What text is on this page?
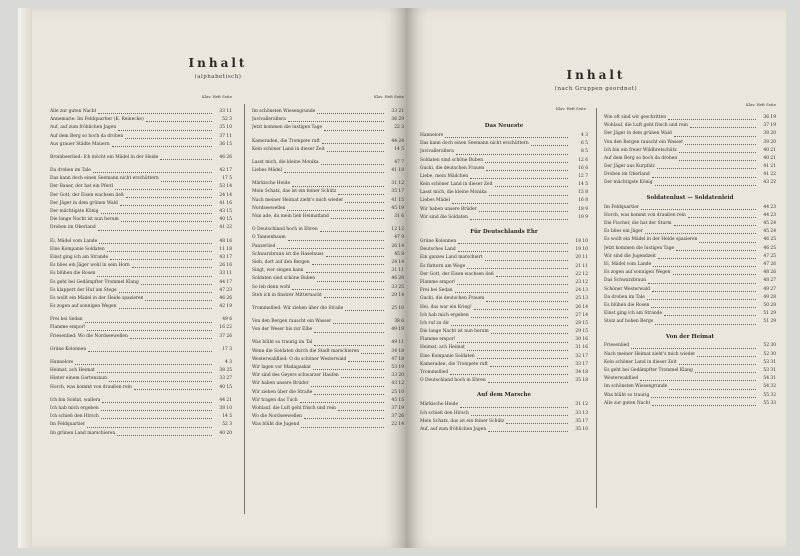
Inhalt
(alphabetisch)
Klav. Heft Seite	Klav. Heft Seite
Alle zur guten Nacht	33 11
Annemarie: Im Feldquartier (K. Reinecke)	52 3
Auf, auf zum fröhlichen Jagen	35 10
Auf dem Berg so hoch da droben	37 11
Aus grauer Städte Mauern	36 15
Brombeerlied: Ich möcht ein Mädel in der Heide	46 26
Da droben im Tale	42 17
Das kann doch einen Seemann nicht erschüttern	17 5
Der Bauer, der hat ein Pferd	53 14
Der Gott, der Eisen wachsen ließ	24 14
Der Jäger in dem grünen Wald	41 16
Der mächtigste König	43 15
Die lange Nacht ist nun herum	40 15
Droben im Oberland	41 22
Ei, Mädel vom Lande	48 16
Eine Kompanie Soldaten	11 18
Einst ging ich am Strande	43 17
Es blies ein Jäger wohl in sein Horn	26 16
Es blühen die Rosen	33 11
Es geht bei Gedämpfter Trommel Klang	44 17
Es klappert der Huf am Stege	47 23
Es wollt ein Mädel in der Heide spazieren	46 26
Es zogen auf sonnigen Wegen	42 19
Frei bei Sedan	49 6
Flamme empor!	16 22
Friesenlied: Wo die Nordseewellen	37 26
Grüne Kolonnen	17 3
Hannelore	4 3
Heimat, ach Heimat	38 25
Hinter einem Gartenzaun	33 27
Horch, was kommt von draußen rein	40 15
Ich bin Soldat, wallera	44 21
Ich hab mich ergeben	38 10
Ich schieß den Hirsch	14 5
Im Feldquartier	52 3
Im grünen Land marschieren	40 20
Im schönsten Wiesengrunde	33 21
Juvivallerallera	36 29
Jetzt kommen die lustigen Tage	22 3
Kameraden, die Trompete ruft	44 24
Kein schöner Land in dieser Zeit	14 5
Lasst mich, die kleine Monika	47 7
Liebes Mädel	41 18
Märkische Heide	31 12
Mein Schatz, das ist ein feiner Schütz	35 17
Nach meiner Heimat zieht's mich wieder	41 15
Nordseewellen	45 19
Nun ade, du mein lieb Heimatland	31 6
O Deutschland hoch in Ehren	12 12
O Tannenbaum	47 9
Panzerlied	26 14
Schwarzbraun ist die Haselnuss	45 8
Sieh, dort auf den Bergen	24 14
Singt, wer singen kann	31 11
Soldaten sind schöne Buben	46 28
So leb denn wohl	33 25
Steh ich in finstrer Mitternacht	29 14
Trommellied: Wir ziehen über die Straße	25 10
Von den Bergen rauscht ein Wasser	38 6
Von der Weser bis zur Elbe	49 19
Was blüht so traurig im Tal	49 11
Wenn die Soldaten durch die Stadt marschieren	34 18
Westerwaldlied: O du schöner Westerwald	47 18
Wir lagen vor Madagaskar	53 19
Wir sind des Geyers schwarzer Haufen	33 20
Wir haben unsere Brüder	43 12
Wir ziehen über die Straße	25 10
Wir tragen das Tuch	45 15
Wohlauf, die Luft geht frisch und rein	37 19
Wo die Nordseewellen	37 26
Was blüht die Jugend	22 14
Inhalt
(nach Gruppen geordnet)
Klav. Heft Seite
Klav. Heft Seite
Das Neueste
Hannelore	4 3
Das kann doch einen Seemann nicht erschüttern	6 5
Juvivallerallera	8 5
Soldaten sind schöne Buben	12 6
Gucki, die deutschen Frauen	16 6
Liebe, mein Mädchen	12 7
Kein schöner Land in dieser Zeit	14 5
Lasst mich, die kleine Monika	15 8
Liebes Mädel	16 8
Wir haben unsere Brüder	18 9
Wir sind die Soldaten	19 9
Für Deutschlands Ehr
Grüne Kolonnen	18 10
Deutsches Land	19 10
Ein ganzes Land marschiert	20 11
Es flattern am Wege	21 11
Der Gott, der Eisen wachsen ließ	22 12
Flamme empor!	23 12
Frei bei Sedan	24 13
Gucki, die deutschen Frauen	25 13
Hei, das war ein Krieg!	26 14
Ich hab mich ergeben	27 14
Ich ruf zu dir	28 15
Die lange Nacht ist nun herum	29 15
Flamme empor!	30 16
Heimat, ach Heimat	31 16
Eine Kompanie Soldaten	32 17
Kameraden, die Trompete ruft	33 17
Trommellied	34 18
O Deutschland hoch in Ehren	35 18
Auf dem Marsche
Märkische Heide	31 12
Ich schieß den Hirsch	33 13
Mein Schatz, das ist ein feiner Schütz	35 17
Auf, auf zum fröhlichen Jagen	35 10
Wie oft sind wir geschritten	36 19
Wohlauf, die Luft geht frisch und rein	37 19
Der Jäger in dem grünen Wald	38 20
Von den Bergen rauscht ein Wasser	39 20
Ich bin ein freier Wildbretschütz	40 21
Auf dem Berg so hoch da droben	40 21
Der Jäger aus Kurpfalz	41 21
Droben im Oberland	41 22
Der mächtigste König	43 22
Soldatenlust — Soldatenleid
Im Feldquartier	44 23
Horch, was kommt von draußen rein	44 23
Die Fischer, die hat der Sturm	45 24
Es blies ein Jäger	45 24
Es wollt ein Mädel in der Heide spazieren	46 25
Jetzt kommen die lustigen Tage	46 25
Wir sind die Jugendzeit	47 25
Ei, Mädel vom Lande	47 26
Es zogen auf sonnigen Wegen	48 26
Das Schwarzbraun	48 27
Schöner Westerwald	49 27
Da droben im Tale	49 28
Es blühen die Rosen	50 28
Einst ging ich am Strande	51 29
Stolz auf hohen Berge	51 29
Von der Heimat
Friesenlied	52 30
Nach meiner Heimat zieht's mich wieder	52 30
Kein schöner Land in dieser Zeit	53 31
Es geht bei Gedämpfter Trommel Klang	53 31
Westerwaldlied	54 31
Im schönsten Wiesengrunde	54 32
Was blüht so traurig	55 32
Alle zur guten Nacht	55 33
